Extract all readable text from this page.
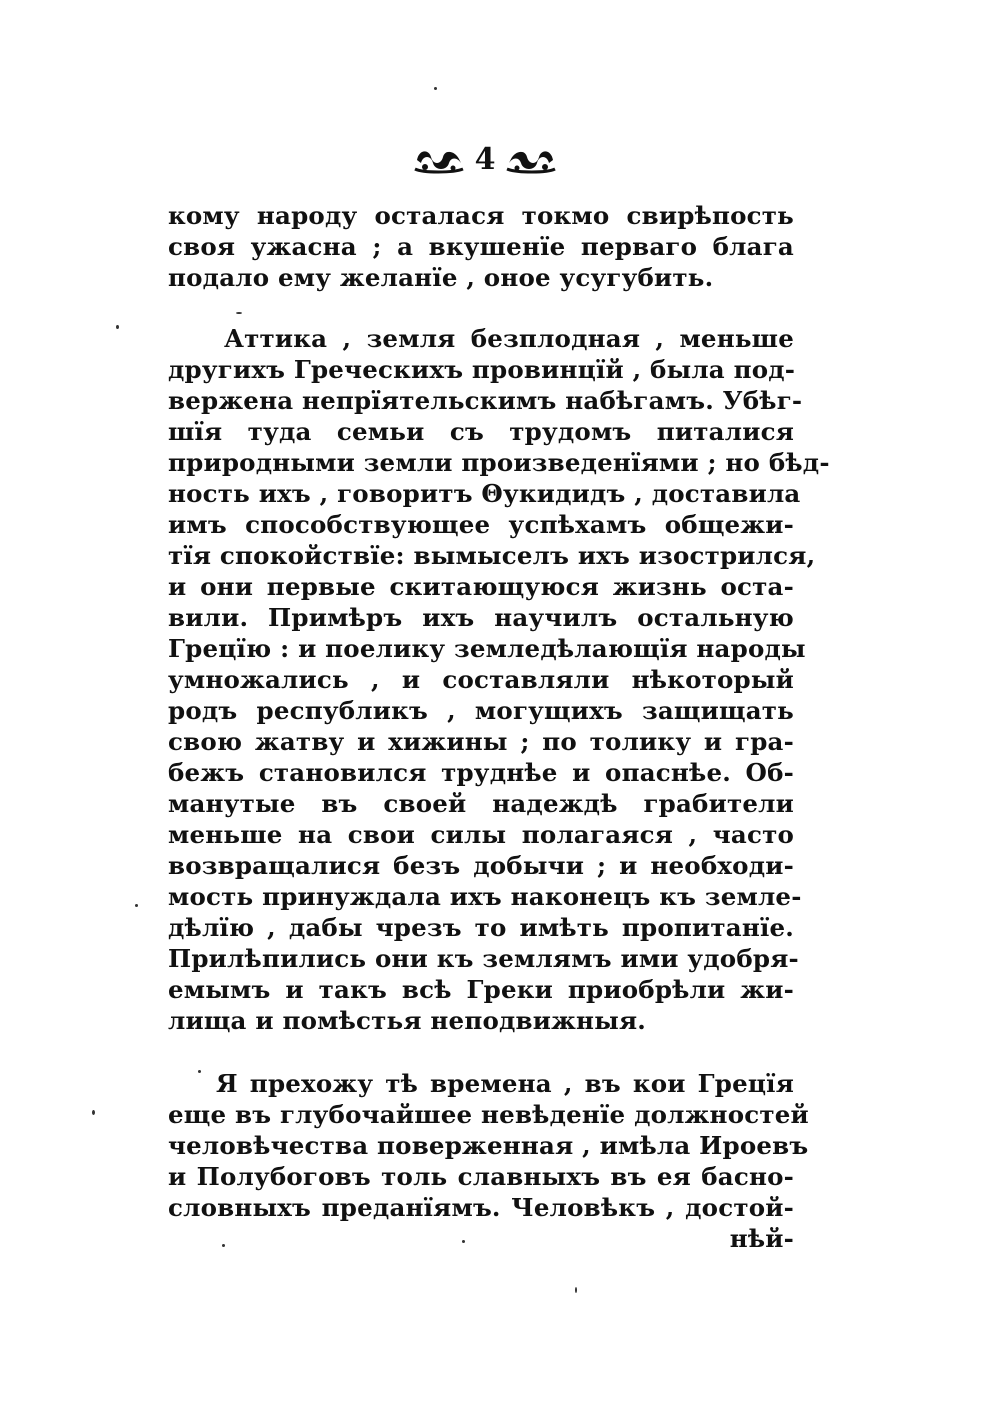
4
кому народу осталася токмо свирѣпость
своя ужасна ; а вкушенїе перваго блага
подало ему желанїе , оное усугубить.
Аттика , земля безплодная , меньше
другихъ Греческихъ провинцїй , была под-
вержена непрїятельскимъ набѣгамъ. Убѣг-
шїя туда семьи съ трудомъ питалися
природными земли произведенїями ; но бѣд-
ность ихъ , говоритъ Θукидидъ , доставила
имъ способствующее успѣхамъ общежи-
тїя спокойствїе: вымыселъ ихъ изострился,
и они первые скитающуюся жизнь оста-
вили. Примѣръ ихъ научилъ остальную
Грецїю : и поелику земледѣлающїя народы
умножались , и составляли нѣкоторый
родъ республикъ , могущихъ защищать
свою жатву и хижины ; по толику и гра-
бежъ становился труднѣе и опаснѣе. Об-
манутые въ своей надеждѣ грабители
меньше на свои силы полагаяся , часто
возвращалися безъ добычи ; и необходи-
мость принуждала ихъ наконецъ къ земле-
дѣлїю , дабы чрезъ то имѣть пропитанїе.
Прилѣпились они къ землямъ ими удобря-
емымъ и такъ всѣ Греки приобрѣли жи-
лища и помѣстья неподвижныя.
Я прехожу тѣ времена , въ кои Грецїя
еще въ глубочайшее невѣденїе должностей
человѣчества поверженная , имѣла Ироевъ
и Полубоговъ толь славныхъ въ ея басно-
словныхъ преданїямъ. Человѣкъ , достой-
нѣй-
